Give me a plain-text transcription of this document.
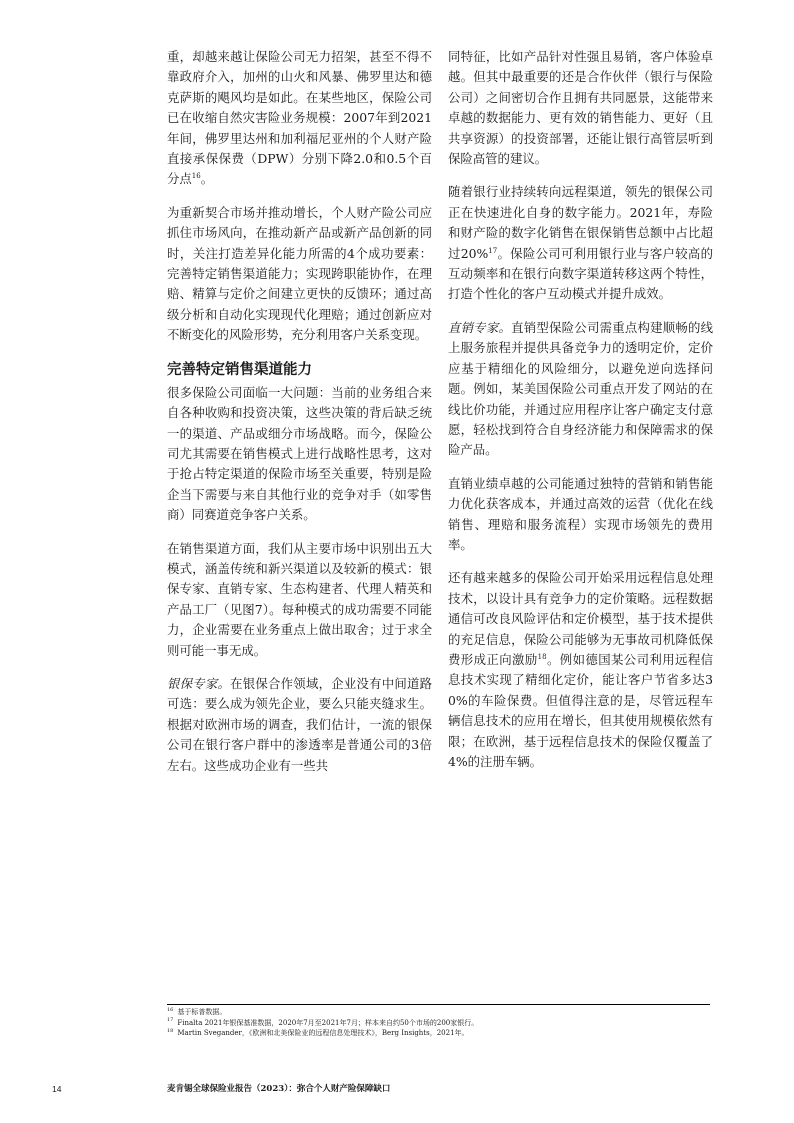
重，却越来越让保险公司无力招架，甚至不得不靠政府介入，加州的山火和风暴、佛罗里达和德克萨斯的飓风均是如此。在某些地区，保险公司已在收缩自然灾害险业务规模：2007年到2021年间，佛罗里达州和加利福尼亚州的个人财产险直接承保保费（DPW）分别下降2.0和0.5个百分点$^{16}$。

为重新契合市场并推动增长，个人财产险公司应抓住市场风向，在推动新产品或新产品创新的同时，关注打造差异化能力所需的4个成功要素：完善特定销售渠道能力；实现跨职能协作，在理赔、精算与定价之间建立更快的反馈环；通过高级分析和自动化实现现代化理赔；通过创新应对不断变化的风险形势，充分利用客户关系变现。

完善特定销售渠道能力

很多保险公司面临一大问题：当前的业务组合来自各种收购和投资决策，这些决策的背后缺乏统一的渠道、产品或细分市场战略。而今，保险公司尤其需要在销售模式上进行战略性思考，这对于抢占特定渠道的保险市场至关重要，特别是险企当下需要与来自其他行业的竞争对手（如零售商）同赛道竞争客户关系。

在销售渠道方面，我们从主要市场中识别出五大模式，涵盖传统和新兴渠道以及较新的模式：银保专家、直销专家、生态构建者、代理人精英和产品工厂（见图7）。每种模式的成功需要不同能力，企业需要在业务重点上做出取舍；过于求全则可能一事无成。

银保专家。在银保合作领域，企业没有中间道路可选：要么成为领先企业，要么只能夹缝求生。根据对欧洲市场的调查，我们估计，一流的银保公司在银行客户群中的渗透率是普通公司的3倍左右。这些成功企业有一些共

同特征，比如产品针对性强且易销，客户体验卓越。但其中最重要的还是合作伙伴（银行与保险公司）之间密切合作且拥有共同愿景，这能带来卓越的数据能力、更有效的销售能力、更好（且共享资源）的投资部署，还能让银行高管层听到保险高管的建议。

随着银行业持续转向远程渠道，领先的银保公司正在快速进化自身的数字能力。2021年，寿险和财产险的数字化销售在银保销售总额中占比超过20%$^{17}$。保险公司可利用银行业与客户较高的互动频率和在银行向数字渠道转移这两个特性，打造个性化的客户互动模式并提升成效。

直销专家。直销型保险公司需重点构建顺畅的线上服务旅程并提供具备竞争力的透明定价，定价应基于精细化的风险细分，以避免逆向选择问题。例如，某美国保险公司重点开发了网站的在线比价功能，并通过应用程序让客户确定支付意愿，轻松找到符合自身经济能力和保障需求的保险产品。

直销业绩卓越的公司能通过独特的营销和销售能力优化获客成本，并通过高效的运营（优化在线销售、理赔和服务流程）实现市场领先的费用率。

还有越来越多的保险公司开始采用远程信息处理技术，以设计具有竞争力的定价策略。远程数据通信可改良风险评估和定价模型，基于技术提供的充足信息，保险公司能够为无事故司机降低保费形成正向激励$^{18}$。例如德国某公司利用远程信息技术实现了精细化定价，能让客户节省多达30%的车险保费。但值得注意的是，尽管远程车辆信息技术的应用在增长，但其使用规模依然有限；在欧洲，基于远程信息技术的保险仅覆盖了4%的注册车辆。

$^{16}$ 基于标普数据。
$^{17}$ Finalta 2021年银保基准数据，2020年7月至2021年7月；样本来自约50个市场的200家银行。
$^{18}$ Martin Svegander，《欧洲和北美保险业的远程信息处理技术》，Berg Insights，2021年。
14	麦肯锡全球保险业报告（2023）：弥合个人财产险保障缺口
